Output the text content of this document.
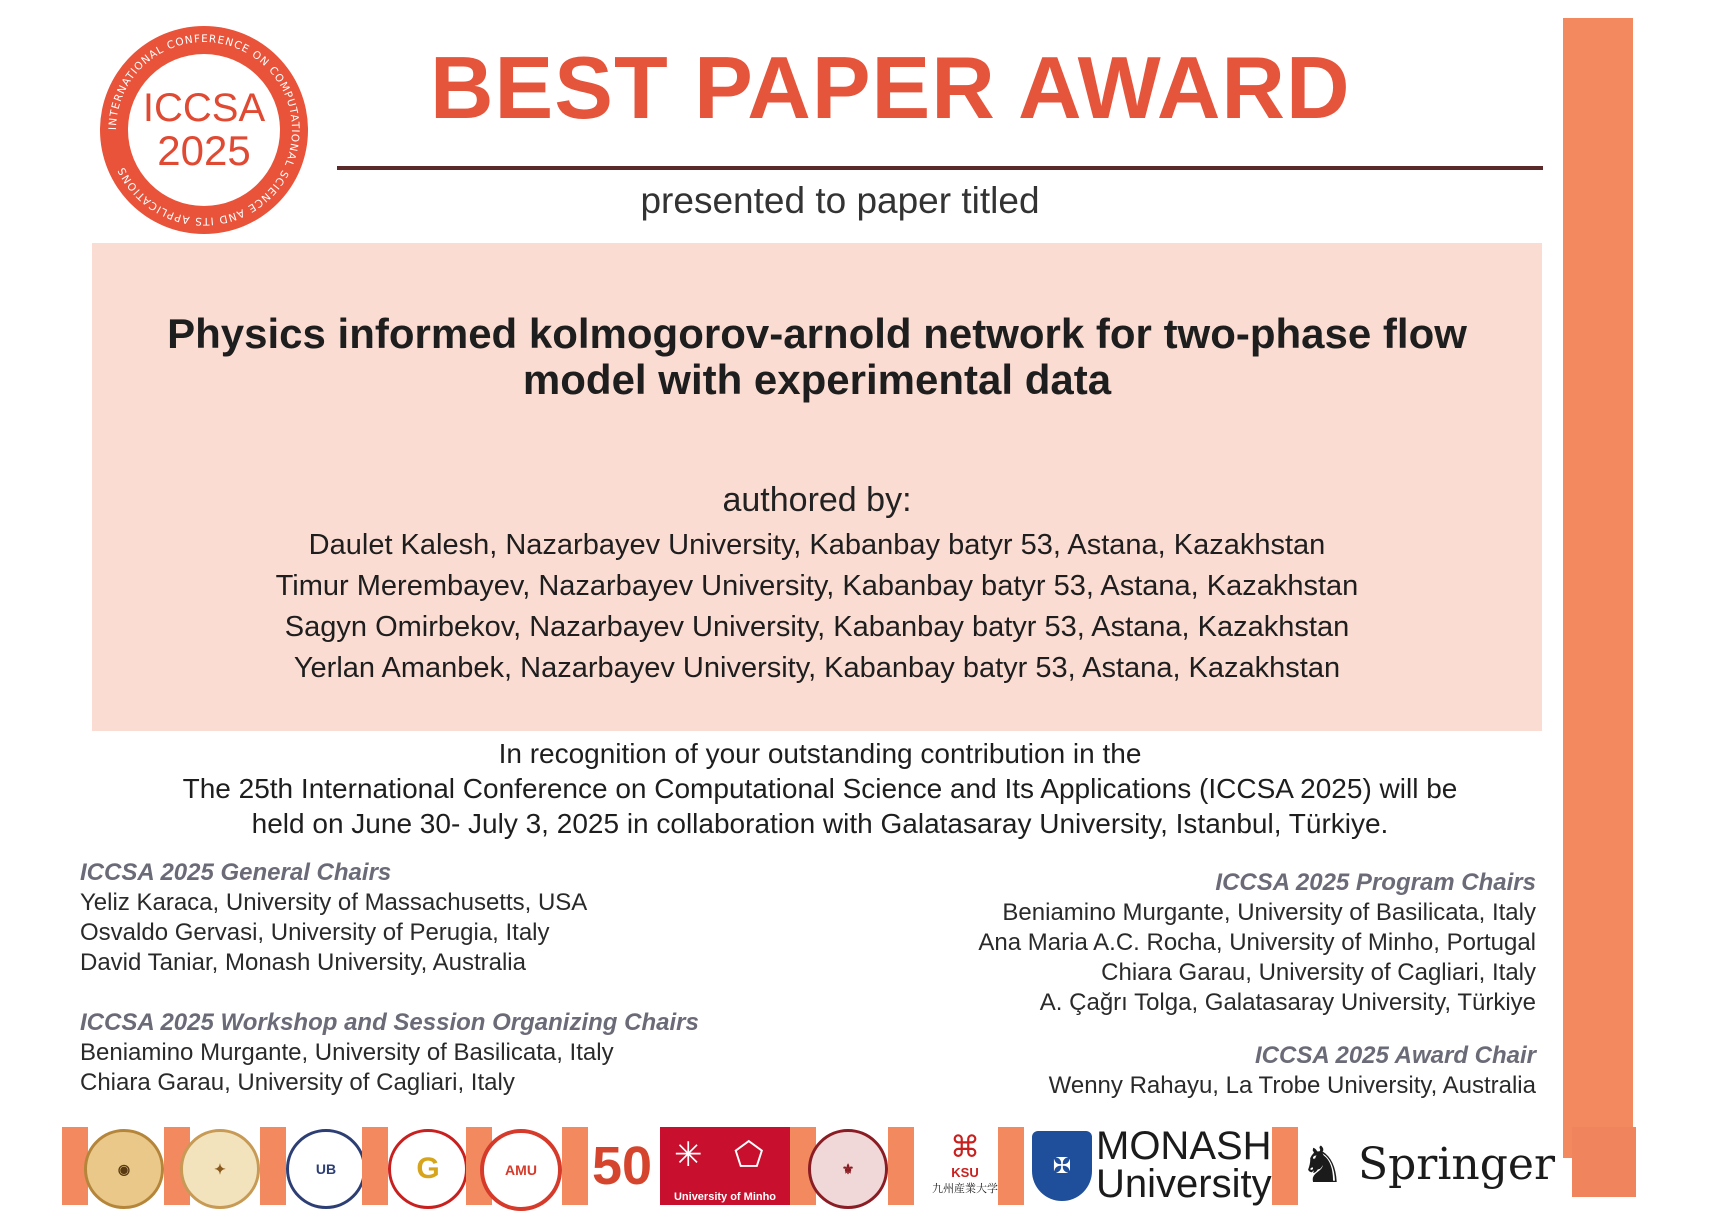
INTERNATIONAL CONFERENCE ON COMPUTATIONAL SCIENCE AND ITS APPLICATIONS
ICCSA
2025
BEST PAPER AWARD
presented to paper titled
Physics informed kolmogorov-arnold network for two-phase flow
model with experimental data
authored by:
Daulet Kalesh, Nazarbayev University, Kabanbay batyr 53, Astana, Kazakhstan
Timur Merembayev, Nazarbayev University, Kabanbay batyr 53, Astana, Kazakhstan
Sagyn Omirbekov, Nazarbayev University, Kabanbay batyr 53, Astana, Kazakhstan
Yerlan Amanbek, Nazarbayev University, Kabanbay batyr 53, Astana, Kazakhstan
In recognition of your outstanding contribution in the
The 25th International Conference on Computational Science and Its Applications (ICCSA 2025) will be
held on June 30- July 3, 2025 in collaboration with Galatasaray University, Istanbul, Türkiye.
ICCSA 2025 General Chairs
Yeliz Karaca, University of Massachusetts, USA
Osvaldo Gervasi, University of Perugia, Italy
David Taniar, Monash University, Australia
ICCSA 2025 Workshop and Session Organizing Chairs
Beniamino Murgante, University of Basilicata, Italy
Chiara Garau, University of Cagliari, Italy
ICCSA 2025 Program Chairs
Beniamino Murgante, University of Basilicata, Italy
Ana Maria A.C. Rocha, University of Minho, Portugal
Chiara Garau, University of Cagliari, Italy
A. Çağrı Tolga, Galatasaray University, Türkiye
ICCSA 2025 Award Chair
Wenny Rahayu, La Trobe University, Australia
◉	✦	UB	G	AMU 50 ✳ ⬠
University of Minho
⚜
⌘
KSU
九州産業大学
✠ MONASH
University ♞ Springer
